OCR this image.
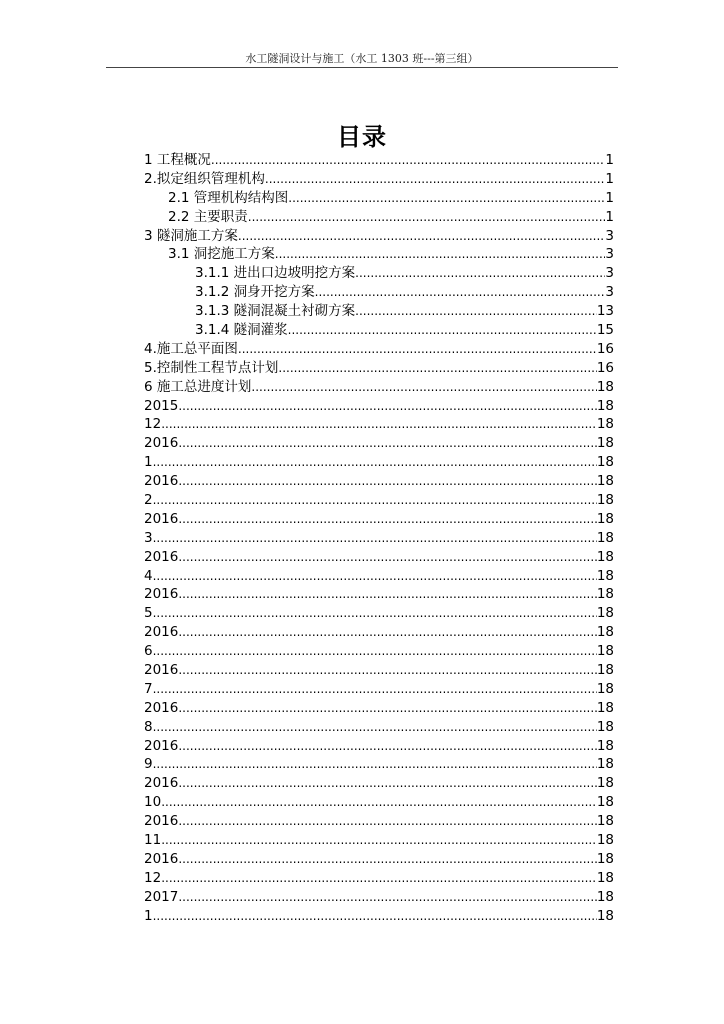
水工隧洞设计与施工（水工 1303 班---第三组）
目录
1 工程概况 .....	1
2.拟定组织管理机构 .....	1
2.1 管理机构结构图 .....	1
2.2 主要职责 .....	1
3 隧洞施工方案 .....	3
3.1 洞挖施工方案 .....	3
3.1.1 进出口边坡明挖方案 .....	3
3.1.2 洞身开挖方案 .....	3
3.1.3 隧洞混凝土衬砌方案 .....	13
3.1.4 隧洞灌浆 .....	15
4.施工总平面图 .....	16
5.控制性工程节点计划 .....	16
6 施工总进度计划 .....	18
2015 .....	18
12 .....	18
2016 .....	18
1 .....	18
2016 .....	18
2 .....	18
2016 .....	18
3 .....	18
2016 .....	18
4 .....	18
2016 .....	18
5 .....	18
2016 .....	18
6 .....	18
2016 .....	18
7 .....	18
2016 .....	18
8 .....	18
2016 .....	18
9 .....	18
2016 .....	18
10 .....	18
2016 .....	18
11 .....	18
2016 .....	18
12 .....	18
2017 .....	18
1 .....	18
